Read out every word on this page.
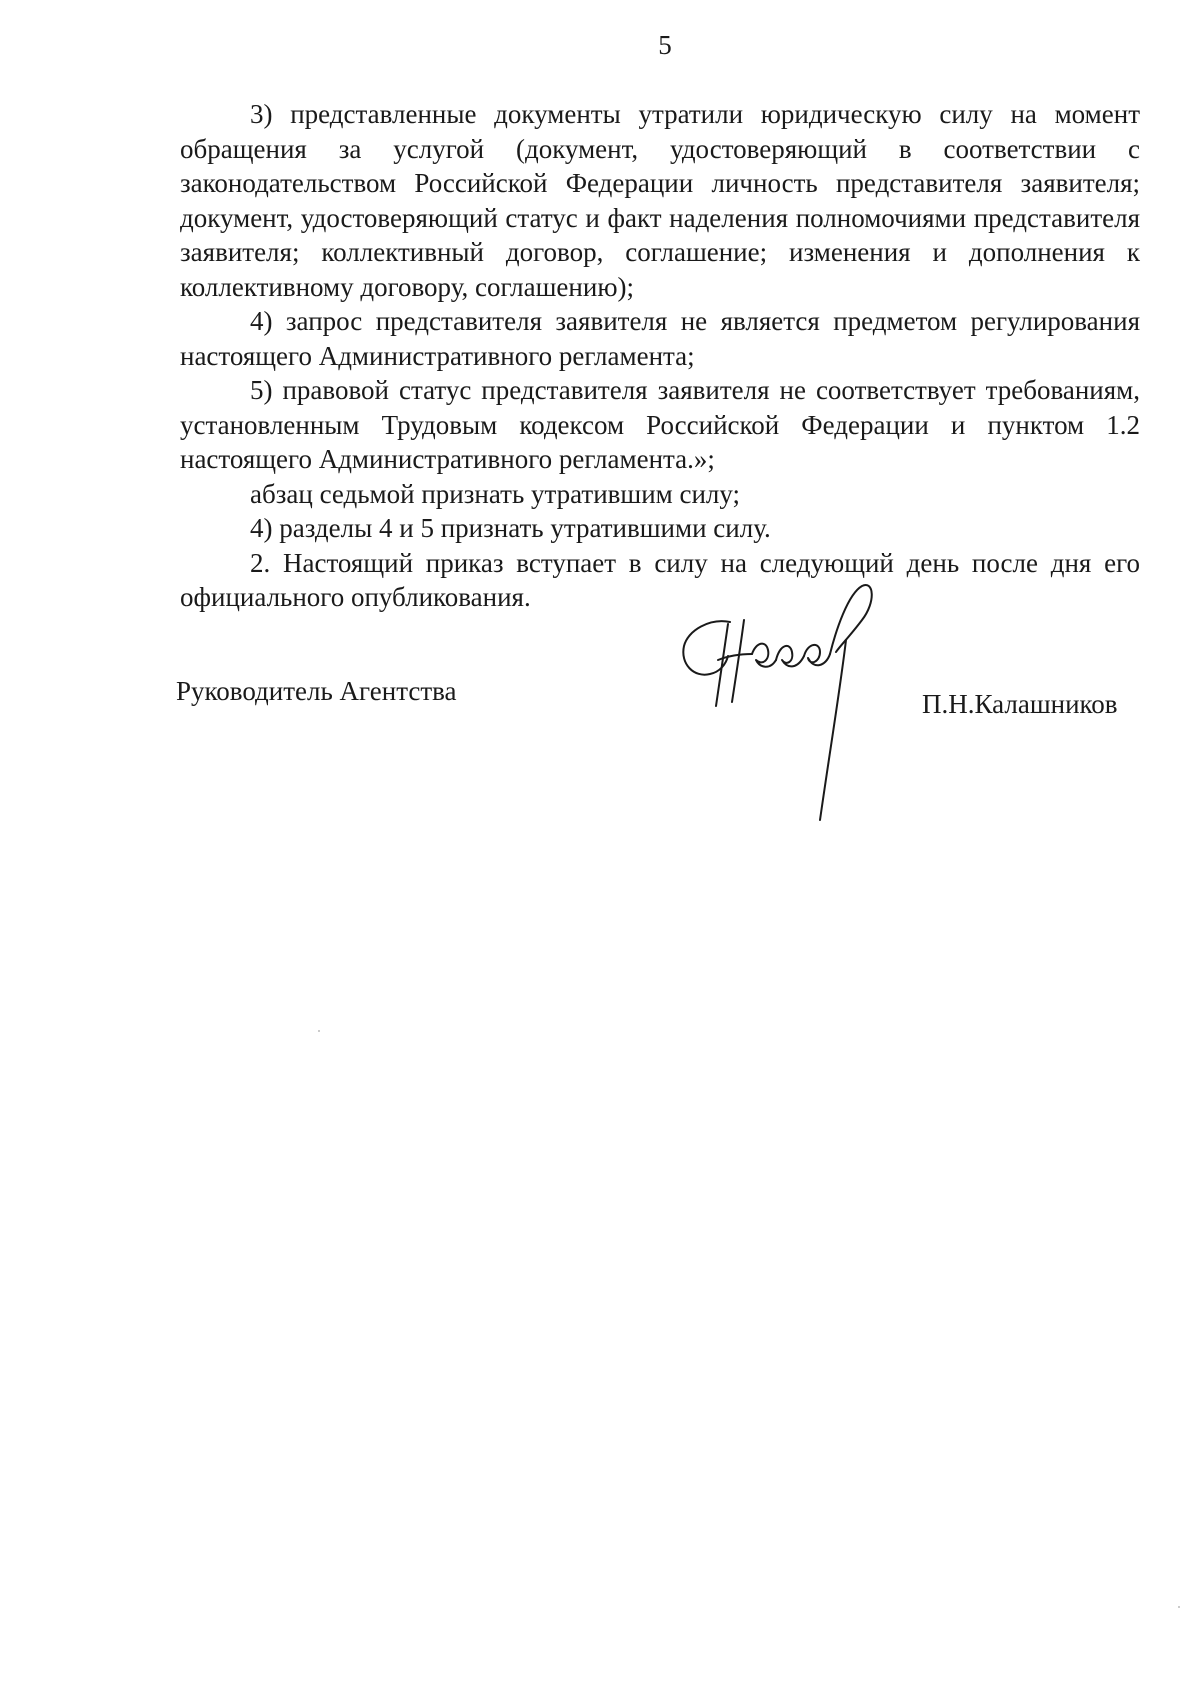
5

3) представленные документы утратили юридическую силу на момент обращения за услугой (документ, удостоверяющий в соответствии с законодательством Российской Федерации личность представителя заявителя; документ, удостоверяющий статус и факт наделения полномочиями представителя заявителя; коллективный договор, соглашение; изменения и дополнения к коллективному договору, соглашению);

4) запрос представителя заявителя не является предметом регулирования настоящего Административного регламента;

5) правовой статус представителя заявителя не соответствует требованиям, установленным Трудовым кодексом Российской Федерации и пунктом 1.2 настоящего Административного регламента.»;

абзац седьмой признать утратившим силу;

4) разделы 4 и 5 признать утратившими силу.

2. Настоящий приказ вступает в силу на следующий день после дня его официального опубликования.

Руководитель Агентства	П.Н.Калашников
